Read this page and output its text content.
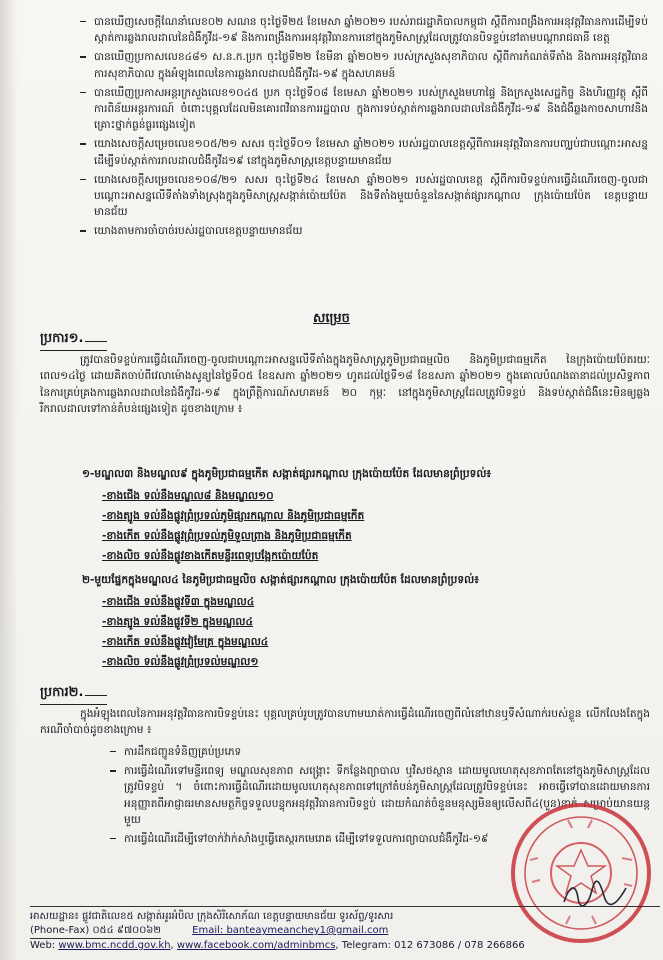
បានឃើញសេចក្តីណែនាំលេខ០២ សណន ចុះថ្ងៃទី២៥ ខែមេសា ឆ្នាំ២០២១ របស់រាជរដ្ឋាភិបាលកម្ពុជា ស្តីពីការពង្រឹងការអនុវត្តវិធានការដើម្បីទប់ស្កាត់ការឆ្លងរាលដាលនៃជំងឺកូវីដ-១៩ និងការពង្រឹងការអនុវត្តវិធានការនៅក្នុងភូមិសាស្ត្រដែលត្រូវបានបិទខ្ទប់នៅតាមបណ្តារាជធានី ខេត្ត
បានឃើញប្រកាសលេខ៤៨១ ស.ន.ក.ប្រក ចុះថ្ងៃទី២២ ខែមីនា ឆ្នាំ២០២១ របស់ក្រសួងសុខាភិបាល ស្តីពីការកំណត់ទីតាំង និងការអនុវត្តវិធានការសុខាភិបាល ក្នុងអំឡុងពេលនៃការឆ្លងរាលដាលជំងឺកូវីដ-១៩ ក្នុងសហគមន៍
បានឃើញប្រកាសអន្តរក្រសួងលេខ១០៤៥ ប្រក ចុះថ្ងៃទី០៨ ខែមេសា ឆ្នាំ២០២១ របស់ក្រសួងមហាផ្ទៃ និងក្រសួងសេដ្ឋកិច្ច និងហិរញ្ញវត្ថុ ស្តីពីការពិន័យអន្តរការណ៍ ចំពោះបុគ្គលដែលមិនគោរពវិធានការរដ្ឋបាល ក្នុងការទប់ស្កាត់ការឆ្លងរាលដាលនៃជំងឺកូវីដ-១៩ និងជំងឺឆ្លងកាចសាហាវនិងគ្រោះថ្នាក់ធ្ងន់ធ្ងរផ្សេងទៀត
យោងសេចក្តីសម្រេចលេខ១០៥/២១ សសរ ចុះថ្ងៃទី០១ ខែមេសា ឆ្នាំ២០២១ របស់រដ្ឋបាលខេត្តស្តីពីការអនុវត្តវិធានការបញ្ឈប់ជាបណ្តោះអាសន្ន ដើម្បីទប់ស្កាត់ការរាលដាលជំងឺកូវីដ១៩ នៅក្នុងភូមិសាស្ត្រខេត្តបន្ទាយមានជ័យ
យោងសេចក្តីសម្រេចលេខ១០៨/២១ សសរ ចុះថ្ងៃទី២៤ ខែមេសា ឆ្នាំ២០២១ របស់រដ្ឋបាលខេត្ត ស្តីពីការបិទខ្ទប់ការធ្វើដំណើរចេញ-ចូលជាបណ្តោះអាសន្នលើទីតាំងទាំងស្រុងក្នុងភូមិសាស្ត្រសង្កាត់ប៉ោយប៉ែត និងទីតាំងមួយចំនួននៃសង្កាត់ផ្សារកណ្តាល ក្រុងប៉ោយប៉ែត ខេត្តបន្ទាយមានជ័យ
យោងតាមការចាំបាច់របស់រដ្ឋបាលខេត្តបន្ទាយមានជ័យ
សម្រេច
ប្រការ១.

ត្រូវបានបិទខ្ទប់ការធ្វើដំណើរចេញ-ចូលជាបណ្តោះអាសន្នលើទីតាំងក្នុងភូមិសាស្ត្រភូមិប្រជាធម្មលិច និងភូមិប្រជាធម្មកើត នៃក្រុងប៉ោយប៉ែតរយៈពេល១៤ថ្ងៃ ដោយគិតចាប់ពីវេលាម៉ោងសូន្យនៃថ្ងៃទី០៥ ខែឧសភា ឆ្នាំ២០២១ ហូតដល់ថ្ងៃទី១៨ ខែឧសភា ឆ្នាំ២០២១ ក្នុងគោលបំណងធានាដល់ប្រសិទ្ធភាព នៃការគ្រប់គ្រងការឆ្លងរាលដាលនៃជំងឺកូវីដ-១៩ ក្នុងព្រឹត្តិការណ៍សហគមន៍ ២០ កុម្ភៈ នៅក្នុងភូមិសាស្ត្រដែលត្រូវបិទខ្ទប់ និងទប់ស្កាត់ជំងឺនេះមិនឲ្យឆ្លងរីករាលដាលទៅកាន់តំបន់ផ្សេងទៀត ដូចខាងក្រោម ៖

១-មណ្ឌល៣ និងមណ្ឌល៩ ក្នុងភូមិប្រជាធម្មកើត សង្កាត់ផ្សារកណ្តាល ក្រុងប៉ោយប៉ែត ដែលមានព្រំប្រទល់៖
-ខាងជើង ទល់នឹងមណ្ឌល៨ និងមណ្ឌល១០
-ខាងត្បូង ទល់នឹងផ្លូវព្រំប្រទល់ភូមិផ្សារកណ្តាល និងភូមិប្រជាធម្មកើត
-ខាងកើត ទល់នឹងផ្លូវព្រំប្រទល់ភូមិទួលព្រាង និងភូមិប្រជាធម្មកើត
-ខាងលិច ទល់នឹងផ្លូវខាងកើតមន្ទីរពេទ្យបង្អែកប៉ោយប៉ែត
២-មួយផ្នែកក្នុងមណ្ឌល៤ នៃភូមិប្រជាធម្មលិច សង្កាត់ផ្សារកណ្តាល ក្រុងប៉ោយប៉ែត ដែលមានព្រំប្រទល់៖
-ខាងជើង ទល់នឹងផ្លូវទី៣ ក្នុងមណ្ឌល៤
-ខាងត្បូង ទល់នឹងផ្លូវទី២ ក្នុងមណ្ឌល៤
-ខាងកើត ទល់នឹងផ្លូវវៀមែត្រ ក្នុងមណ្ឌល៤
-ខាងលិច ទល់នឹងផ្លូវព្រំប្រទល់មណ្ឌល១
ប្រការ២.

ក្នុងអំឡុងពេលនៃការអនុវត្តវិធានការបិទខ្ទប់នេះ បុគ្គលគ្រប់រូបត្រូវបានហាមឃាត់ការធ្វើដំណើរចេញពីលំនៅឋានឬទីសំណាក់របស់ខ្លួន លើកលែងតែក្នុងករណីចាំបាច់ដូចខាងក្រោម ៖

ការដឹកជញ្ជូនទំនិញគ្រប់ប្រភេទ
ការធ្វើដំណើរទៅមន្ទីរពេទ្យ មណ្ឌលសុខភាព សង្គ្រោះ ទីកន្លែងព្យាបាល ឬវិសថស្ថាន ដោយមូលហេតុសុខភាពតែនៅក្នុងភូមិសាស្ត្រដែលត្រូវបិទខ្ទប់ ។ ចំពោះការធ្វើដំណើរដោយមូលហេតុសុខភាពទៅក្រៅតំបន់ភូមិសាស្ត្រដែលត្រូវបិទខ្ទប់នេះ អាចធ្វើទៅបានដោយមានការអនុញ្ញាតពីអាជ្ញាធរមានសមត្ថកិច្ចទទួលបន្ទុកអនុវត្តវិធានការបិទខ្ទប់ ដោយកំណត់ចំនួនមនុស្សមិនឲ្យលើសពី៤(បួន)នាក់ សម្រាប់យានយន្តមួយ
ការធ្វើដំណើរដើម្បីទៅចាក់វ៉ាក់សាំងឬធ្វើតេស្តរកមេរោគ ដើម្បីទៅទទួលការព្យាបាលជំងឺកូវីដ-១៩
អាសយដ្ឋាន៖ ផ្លូវជាតិលេខ៥ សង្កាត់អូរអំបិល ក្រុងសិរីសោភ័ណ ខេត្តបន្ទាយមានជ័យ ទូរស័ព្ទ/ទូរសារ
(Phone-Fax) ០៥៤ ៩៧០០៦២	Email: banteaymeanchey1@gmail.com
Web: www.bmc.ncdd.gov.kh, www.facebook.com/adminbmcs, Telegram: 012 673086 / 078 266866
